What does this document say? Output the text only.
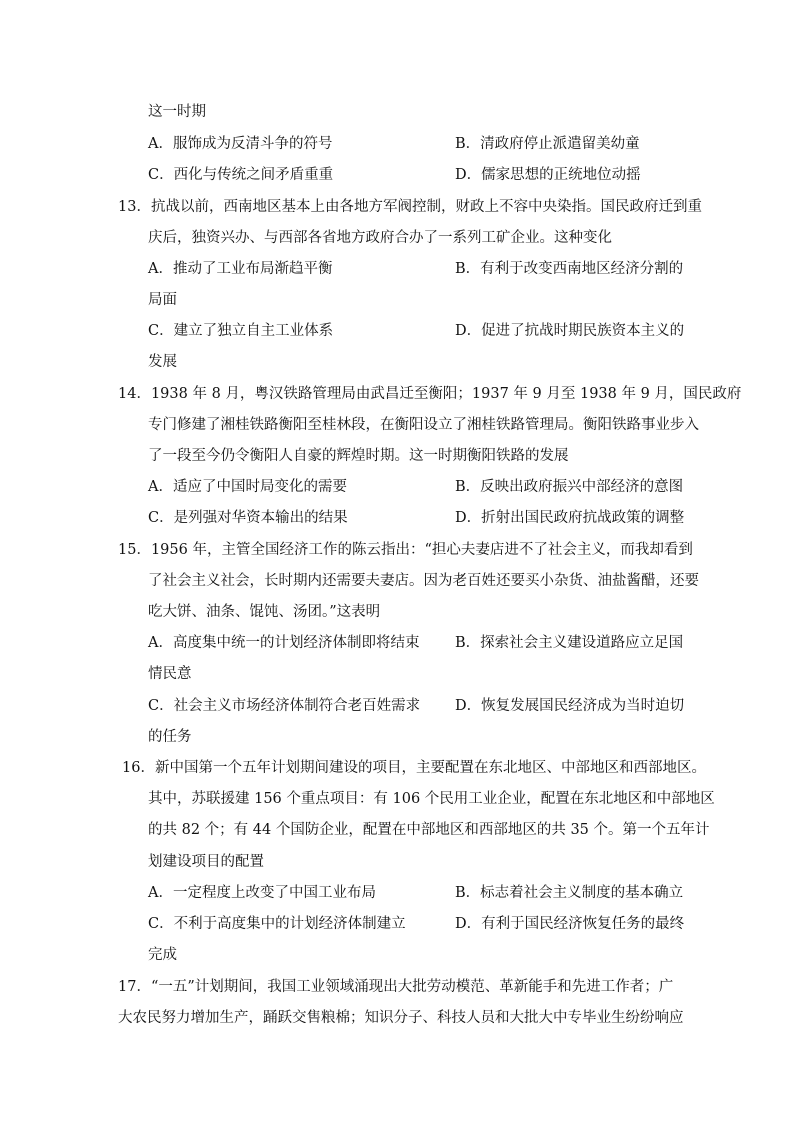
这一时期
A．服饰成为反清斗争的符号	B．清政府停止派遣留美幼童
C．西化与传统之间矛盾重重	D．儒家思想的正统地位动摇
13．抗战以前，西南地区基本上由各地方军阀控制，财政上不容中央染指。国民政府迁到重
庆后，独资兴办、与西部各省地方政府合办了一系列工矿企业。这种变化
A．推动了工业布局渐趋平衡	B．有利于改变西南地区经济分割的
局面
C．建立了独立自主工业体系	D．促进了抗战时期民族资本主义的
发展
14．1938 年 8 月，粤汉铁路管理局由武昌迁至衡阳；1937 年 9 月至 1938 年 9 月，国民政府
专门修建了湘桂铁路衡阳至桂林段，在衡阳设立了湘桂铁路管理局。衡阳铁路事业步入
了一段至今仍令衡阳人自豪的辉煌时期。这一时期衡阳铁路的发展
A．适应了中国时局变化的需要	B．反映出政府振兴中部经济的意图
C．是列强对华资本输出的结果	D．折射出国民政府抗战政策的调整
15．1956 年，主管全国经济工作的陈云指出：“担心夫妻店进不了社会主义，而我却看到
了社会主义社会，长时期内还需要夫妻店。因为老百姓还要买小杂货、油盐酱醋，还要
吃大饼、油条、馄饨、汤团。”这表明
A．高度集中统一的计划经济体制即将结束 B．探索社会主义建设道路应立足国
情民意
C．社会主义市场经济体制符合老百姓需求 D．恢复发展国民经济成为当时迫切
的任务
16．新中国第一个五年计划期间建设的项目，主要配置在东北地区、中部地区和西部地区。
其中，苏联援建 156 个重点项目：有 106 个民用工业企业，配置在东北地区和中部地区
的共 82 个；有 44 个国防企业，配置在中部地区和西部地区的共 35 个。第一个五年计
划建设项目的配置
A．一定程度上改变了中国工业布局	B．标志着社会主义制度的基本确立
C．不利于高度集中的计划经济体制建立	D．有利于国民经济恢复任务的最终
完成
17．“一五”计划期间，我国工业领域涌现出大批劳动模范、革新能手和先进工作者；广
大农民努力增加生产，踊跃交售粮棉；知识分子、科技人员和大批大中专毕业生纷纷响应
